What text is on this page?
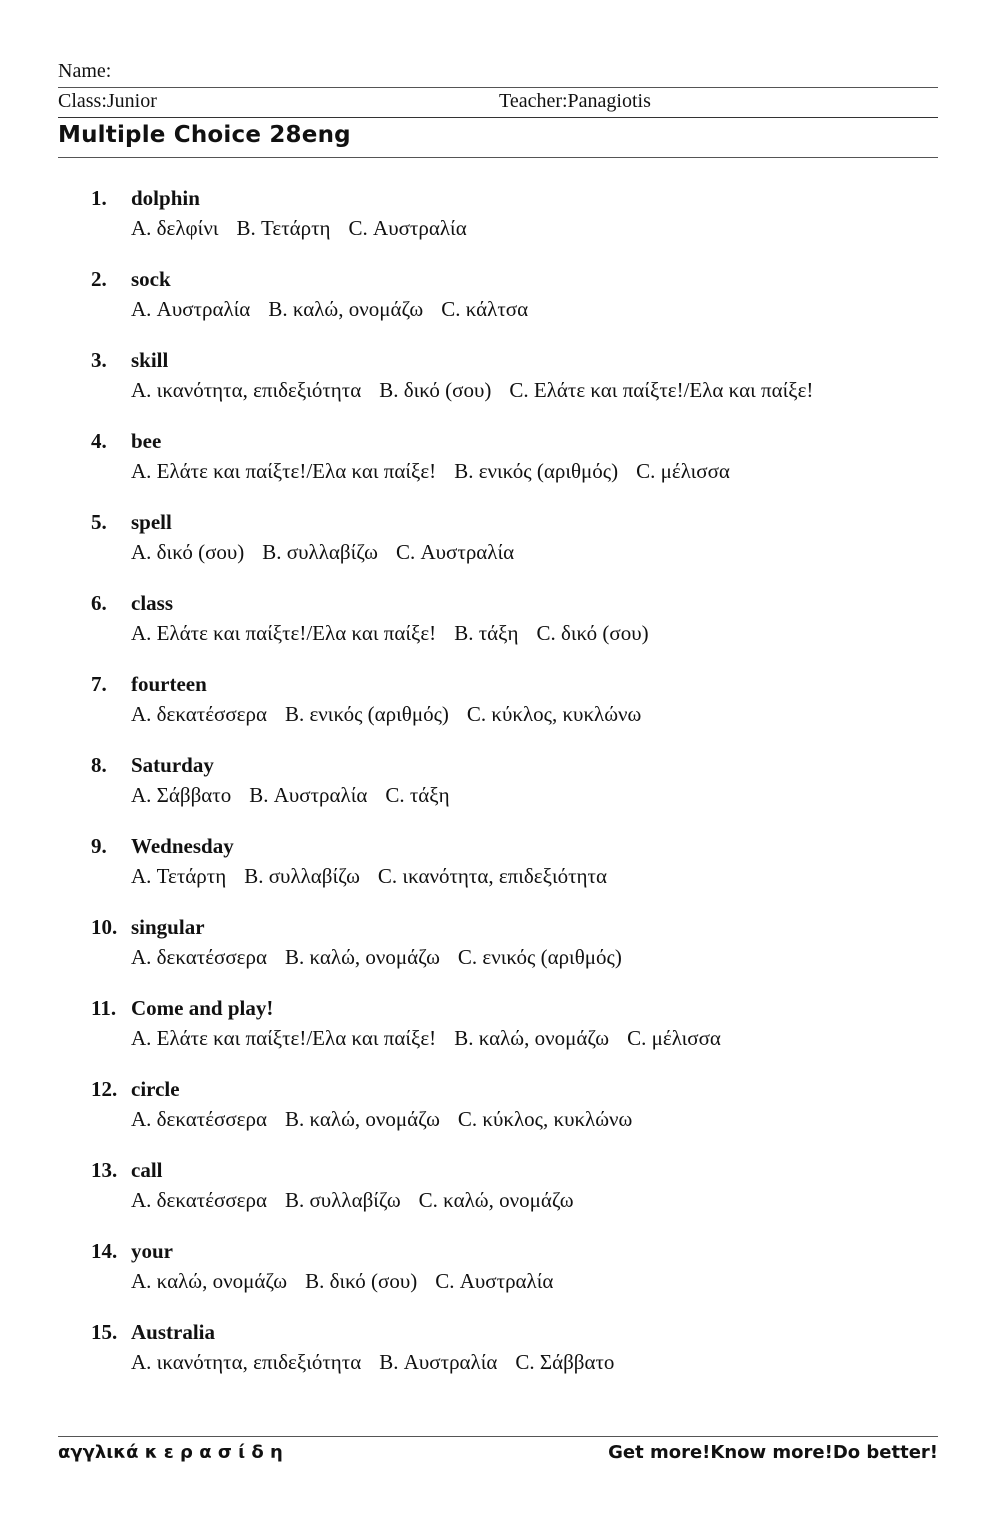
Name:
Class:Junior	Teacher:Panagiotis
Multiple Choice 28eng
1. dolphin
A. δελφίνι B. Τετάρτη C. Αυστραλία
2. sock
A. Αυστραλία B. καλώ, ονομάζω C. κάλτσα
3. skill
A. ικανότητα, επιδεξιότητα B. δικό (σου) C. Ελάτε και παίξτε!/Ελα και παίξε!
4. bee
A. Ελάτε και παίξτε!/Ελα και παίξε! B. ενικός (αριθμός) C. μέλισσα
5. spell
A. δικό (σου) B. συλλαβίζω C. Αυστραλία
6. class
A. Ελάτε και παίξτε!/Ελα και παίξε! B. τάξη C. δικό (σου)
7. fourteen
A. δεκατέσσερα B. ενικός (αριθμός) C. κύκλος, κυκλώνω
8. Saturday
A. Σάββατο B. Αυστραλία C. τάξη
9. Wednesday
A. Τετάρτη B. συλλαβίζω C. ικανότητα, επιδεξιότητα
10. singular
A. δεκατέσσερα B. καλώ, ονομάζω C. ενικός (αριθμός)
11. Come and play!
A. Ελάτε και παίξτε!/Ελα και παίξε! B. καλώ, ονομάζω C. μέλισσα
12. circle
A. δεκατέσσερα B. καλώ, ονομάζω C. κύκλος, κυκλώνω
13. call
A. δεκατέσσερα B. συλλαβίζω C. καλώ, ονομάζω
14. your
A. καλώ, ονομάζω B. δικό (σου) C. Αυστραλία
15. Australia
A. ικανότητα, επιδεξιότητα B. Αυστραλία C. Σάββατο
αγγλικά κ ε ρ α σ ί δ η	Get more!Know more!Do better!
